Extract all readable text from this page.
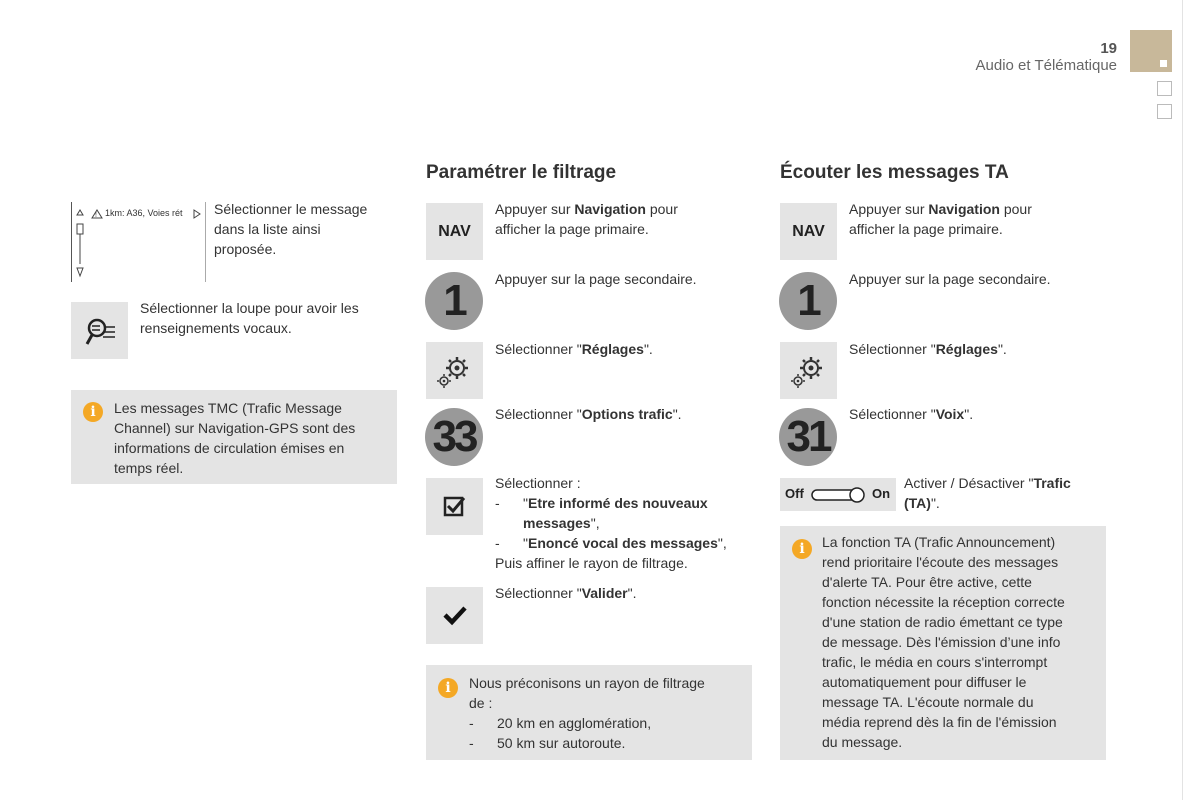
19
Audio et Télématique
! 1km: A36, Voies rét Sélectionner le message
dans la liste ainsi
proposée.
Sélectionner la loupe pour avoir les
renseignements vocaux.
i	Les messages TMC (Trafic Message
Channel) sur Navigation-GPS sont des
informations de circulation émises en
temps réel.
Paramétrer le filtrage
NAV
Appuyer sur Navigation pour
afficher la page primaire.
1	Appuyer sur la page secondaire.
Sélectionner "Réglages".
33	Sélectionner "Options trafic".
Sélectionner :
-	"Etre informé des nouveaux
messages",
-	"Enoncé vocal des messages",
Puis affiner le rayon de filtrage.
Sélectionner "Valider".
i	Nous préconisons un rayon de filtrage
de :
-	20 km en agglomération,
-	50 km sur autoroute.
Écouter les messages TA
NAV
Appuyer sur Navigation pour
afficher la page primaire.
1	Appuyer sur la page secondaire.
Sélectionner "Réglages".
31	Sélectionner "Voix".
Off	On
Activer / Désactiver "Trafic
(TA)".
i	La fonction TA (Trafic Announcement)
rend prioritaire l'écoute des messages
d'alerte TA. Pour être active, cette
fonction nécessite la réception correcte
d'une station de radio émettant ce type
de message. Dès l'émission d’une info
trafic, le média en cours s'interrompt
automatiquement pour diffuser le
message TA. L'écoute normale du
média reprend dès la fin de l'émission
du message.
